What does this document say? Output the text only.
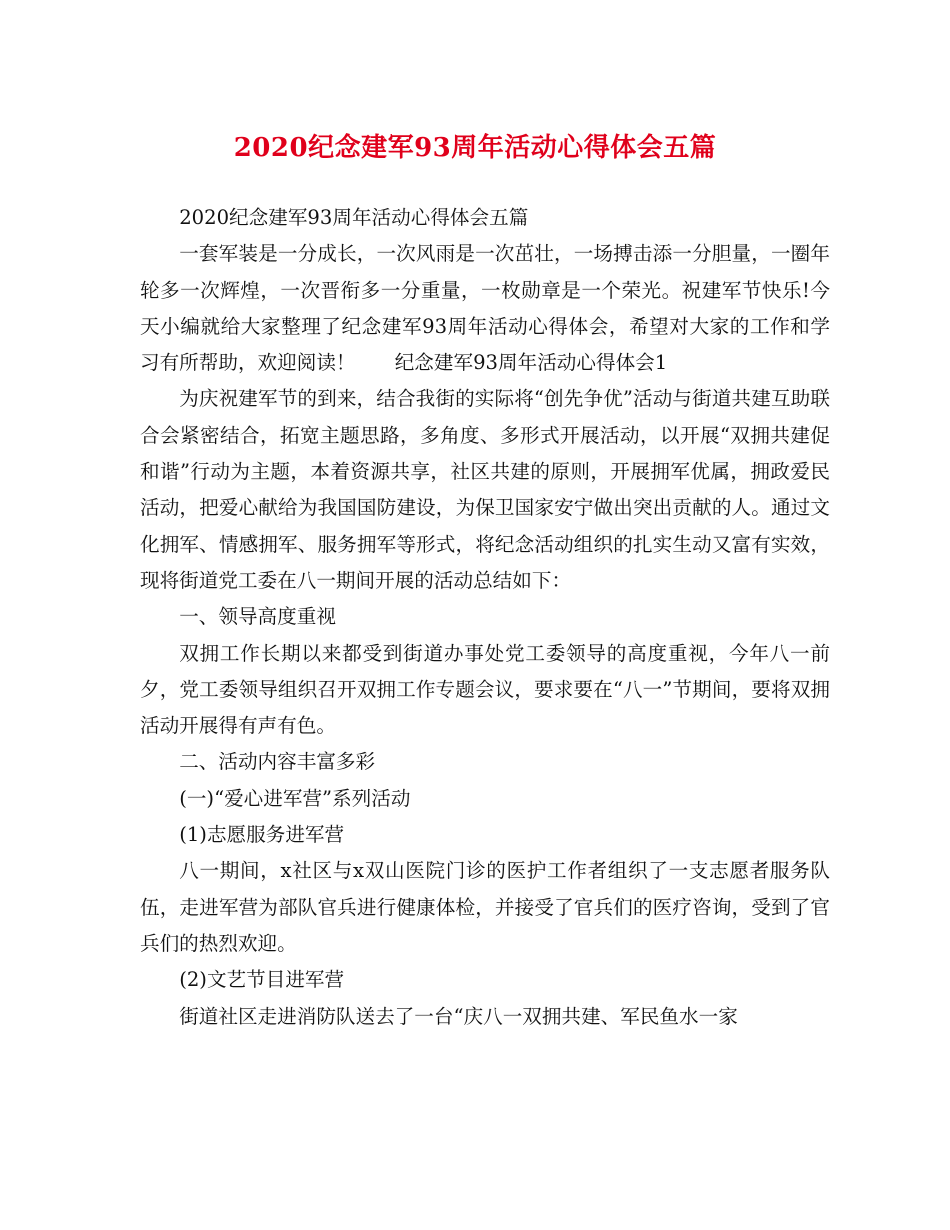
2020纪念建军93周年活动心得体会五篇

2020纪念建军93周年活动心得体会五篇

一套军装是一分成长，一次风雨是一次茁壮，一场搏击添一分胆量，一圈年轮多一次辉煌，一次晋衔多一分重量，一枚勋章是一个荣光。祝建军节快乐!今天小编就给大家整理了纪念建军93周年活动心得体会，希望对大家的工作和学习有所帮助，欢迎阅读！　　纪念建军93周年活动心得体会1

为庆祝建军节的到来，结合我街的实际将“创先争优”活动与街道共建互助联合会紧密结合，拓宽主题思路，多角度、多形式开展活动，以开展“双拥共建促和谐”行动为主题，本着资源共享，社区共建的原则，开展拥军优属，拥政爱民活动，把爱心献给为我国国防建设，为保卫国家安宁做出突出贡献的人。通过文化拥军、情感拥军、服务拥军等形式，将纪念活动组织的扎实生动又富有实效，现将街道党工委在八一期间开展的活动总结如下：

一、领导高度重视

双拥工作长期以来都受到街道办事处党工委领导的高度重视，今年八一前夕，党工委领导组织召开双拥工作专题会议，要求要在“八一”节期间，要将双拥活动开展得有声有色。

二、活动内容丰富多彩

(一)“爱心进军营”系列活动

(1)志愿服务进军营

八一期间，x社区与x双山医院门诊的医护工作者组织了一支志愿者服务队伍，走进军营为部队官兵进行健康体检，并接受了官兵们的医疗咨询，受到了官兵们的热烈欢迎。

(2)文艺节目进军营

街道社区走进消防队送去了一台“庆八一双拥共建、军民鱼水一家
